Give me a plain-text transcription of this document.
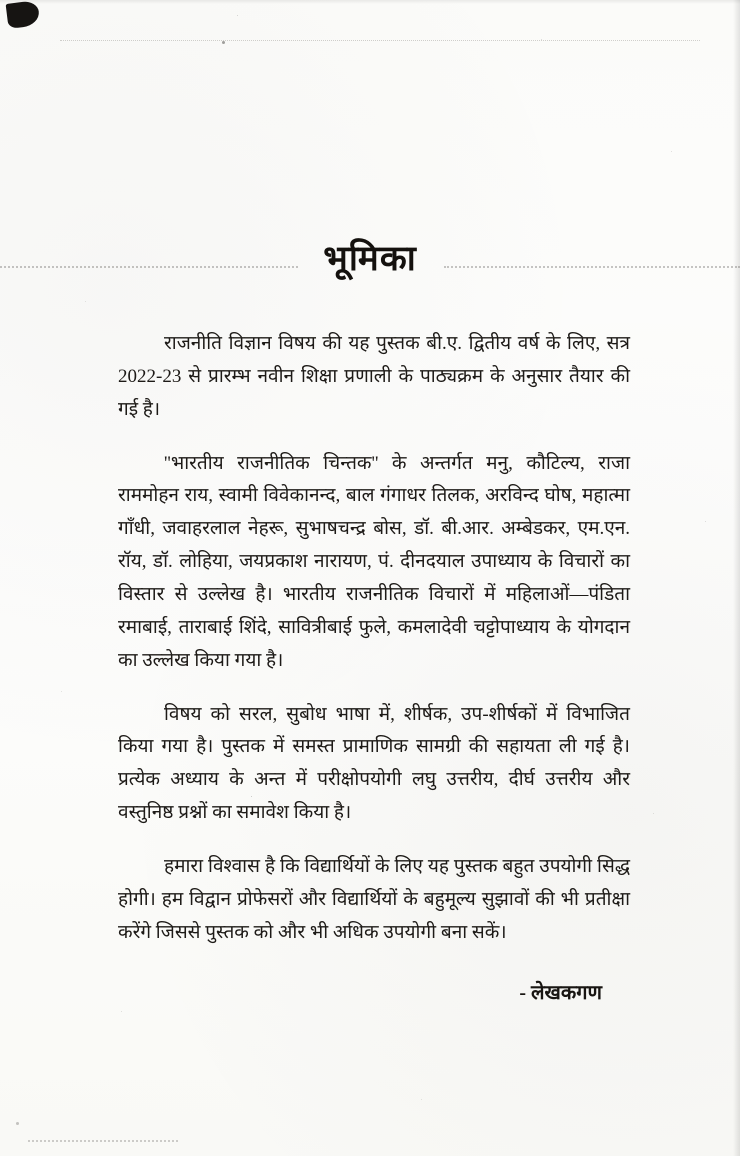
भूमिका

राजनीति विज्ञान विषय की यह पुस्तक बी.ए. द्वितीय वर्ष के लिए, सत्र 2022-23 से प्रारम्भ नवीन शिक्षा प्रणाली के पाठ्यक्रम के अनुसार तैयार की गई है।

''भारतीय राजनीतिक चिन्तक'' के अन्तर्गत मनु, कौटिल्य, राजा राममोहन राय, स्वामी विवेकानन्द, बाल गंगाधर तिलक, अरविन्द घोष, महात्मा गाँधी, जवाहरलाल नेहरू, सुभाषचन्द्र बोस, डॉ. बी.आर. अम्बेडकर, एम.एन. रॉय, डॉ. लोहिया, जयप्रकाश नारायण, पं. दीनदयाल उपाध्याय के विचारों का विस्तार से उल्लेख है। भारतीय राजनीतिक विचारों में महिलाओं—पंडिता रमाबाई, ताराबाई शिंदे, सावित्रीबाई फुले, कमलादेवी चट्टोपाध्याय के योगदान का उल्लेख किया गया है।

विषय को सरल, सुबोध भाषा में, शीर्षक, उप-शीर्षकों में विभाजित किया गया है। पुस्तक में समस्त प्रामाणिक सामग्री की सहायता ली गई है। प्रत्येक अध्याय के अन्त में परीक्षोपयोगी लघु उत्तरीय, दीर्घ उत्तरीय और वस्तुनिष्ठ प्रश्नों का समावेश किया है।

हमारा विश्वास है कि विद्यार्थियों के लिए यह पुस्तक बहुत उपयोगी सिद्ध होगी। हम विद्वान प्रोफेसरों और विद्यार्थियों के बहुमूल्य सुझावों की भी प्रतीक्षा करेंगे जिससे पुस्तक को और भी अधिक उपयोगी बना सकें।

- लेखकगण
